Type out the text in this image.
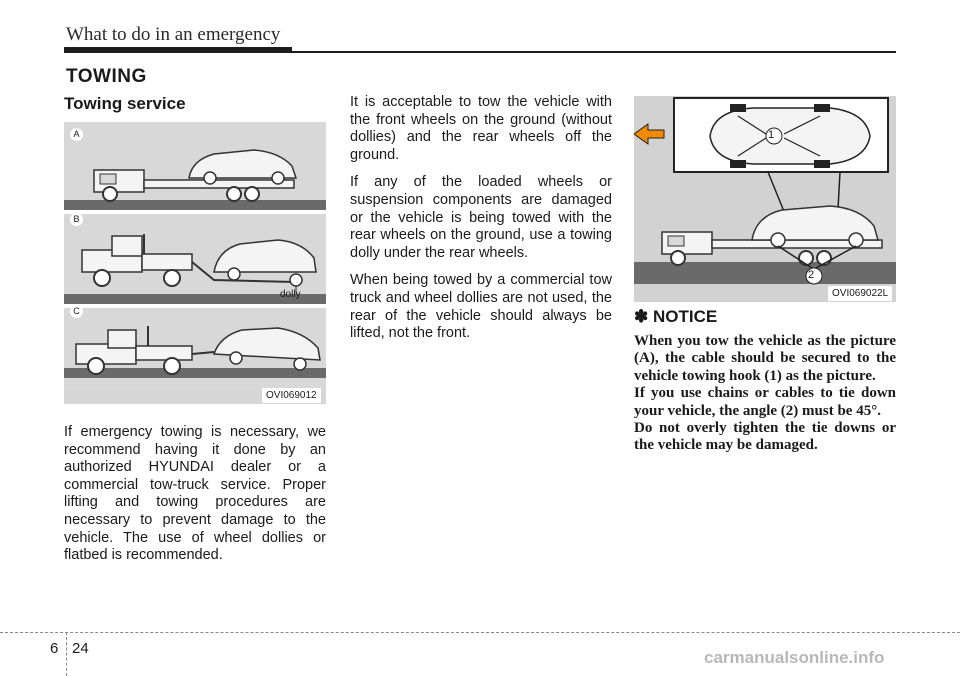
What to do in an emergency
TOWING
Towing service
A
B
C
dolly
OVI069012

If emergency towing is necessary, we recommend having it done by an authorized HYUNDAI dealer or a commercial tow-truck service. Proper lifting and towing procedures are necessary to prevent damage to the vehicle. The use of wheel dollies or flatbed is recommended.

It is acceptable to tow the vehicle with the front wheels on the ground (without dollies) and the rear wheels off the ground.

If any of the loaded wheels or suspension components are damaged or the vehicle is being towed with the rear wheels on the ground, use a towing dolly under the rear wheels.

When being towed by a commercial tow truck and wheel dollies are not used, the rear of the vehicle should always be lifted, not the front.

1
2
OVI069022L
✽ NOTICE

When you tow the vehicle as the picture (A), the cable should be secured to the vehicle towing hook (1) as the picture.

If you use chains or cables to tie down your vehicle, the angle (2) must be 45°.

Do not overly tighten the tie downs or the vehicle may be damaged.

6 24	carmanualsonline.info
